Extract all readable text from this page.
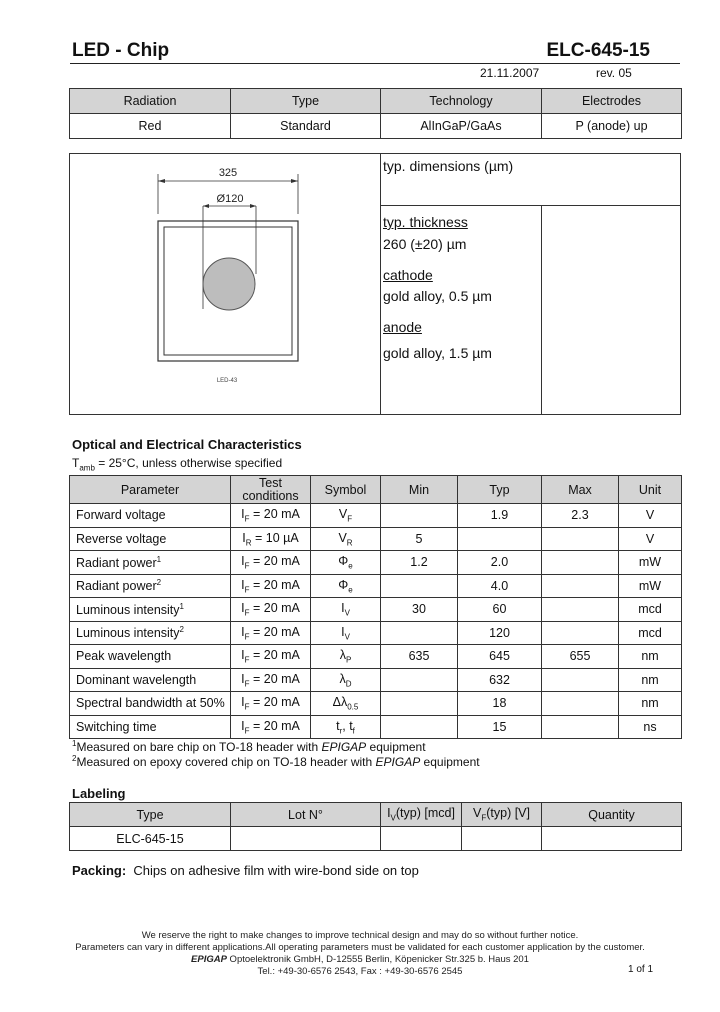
LED - Chip	ELC-645-15
21.11.2007	rev. 05
Radiation	Type	Technology	Electrodes
Red	Standard	AlInGaP/GaAs	P (anode) up
325
Ø120
LED-43
typ. dimensions (µm)
typ. thickness
260 (±20) µm
cathode
gold alloy, 0.5 µm
anode
gold alloy, 1.5 µm
Optical and Electrical Characteristics
$T_{amb} = 25^\circ C$, unless otherwise specified
Parameter	Test conditions	Symbol	Min	Typ	Max	Unit
Forward voltage	$I_F = 20$ mA	$V_F$		1.9	2.3	V
Reverse voltage	$I_R = 10$ µA	$V_R$	5			V
Radiant power$^1$	$I_F = 20$ mA	$\Phi_e$	1.2	2.0		mW
Radiant power$^2$	$I_F = 20$ mA	$\Phi_e$		4.0		mW
Luminous intensity$^1$	$I_F = 20$ mA	$I_V$	30	60		mcd
Luminous intensity$^2$	$I_F = 20$ mA	$I_V$		120		mcd
Peak wavelength	$I_F = 20$ mA	$\lambda_P$	635	645	655	nm
Dominant wavelength	$I_F = 20$ mA	$\lambda_D$		632		nm
Spectral bandwidth at 50%	$I_F = 20$ mA	$\Delta\lambda_{0.5}$		18		nm
Switching time	$I_F = 20$ mA	$t_r$, $t_f$		15		ns
$^1$Measured on bare chip on TO-18 header with EPIGAP equipment
$^2$Measured on epoxy covered chip on TO-18 header with EPIGAP equipment
Labeling
Type	Lot N°	$I_V(typ)$ [mcd]	$V_F(typ)$ [V]	Quantity
ELC-645-15				
Packing: Chips on adhesive film with wire-bond side on top
We reserve the right to make changes to improve technical design and may do so without further notice.
Parameters can vary in different applications.All operating parameters must be validated for each customer application by the customer.
EPIGAP Optoelektronik GmbH, D-12555 Berlin, Köpenicker Str.325 b. Haus 201
Tel.: +49-30-6576 2543, Fax : +49-30-6576 2545	1 of 1
